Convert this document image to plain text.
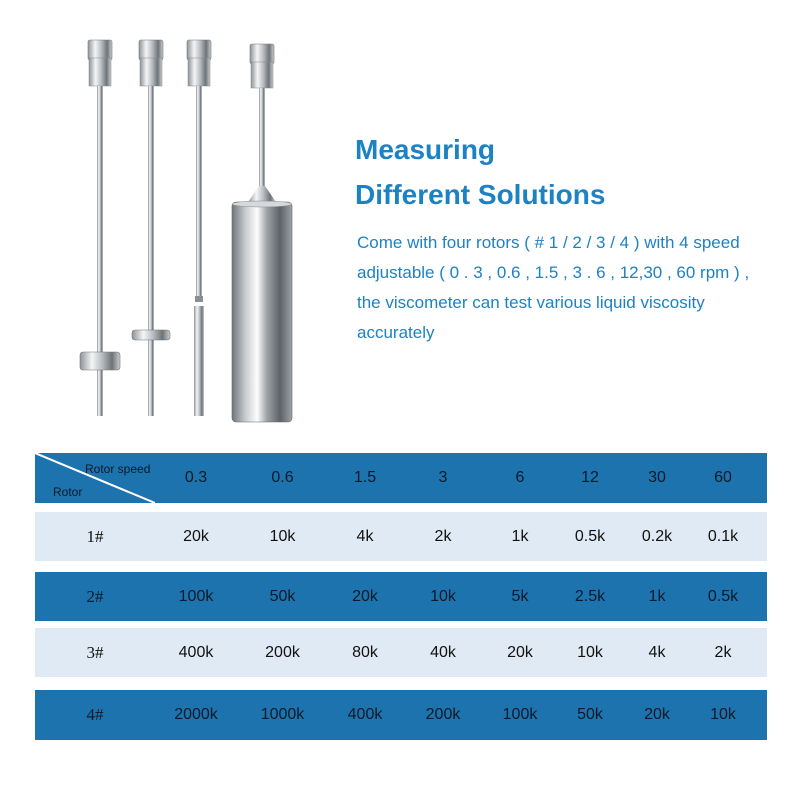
Measuring
Different Solutions

Come with four rotors ( # 1 / 2 / 3 / 4 ) with 4 speed adjustable ( 0 . 3 , 0.6 , 1.5 , 3 . 6 , 12,30 , 60 rpm ) , the viscometer can test various liquid viscosity accurately

Rotor speed
Rotor
0.3	0.6	1.5	3	6	12	30	60
1#	20k	10k	4k	2k	1k	0.5k	0.2k	0.1k
2#	100k	50k	20k	10k	5k	2.5k	1k	0.5k
3#	400k	200k	80k	40k	20k	10k	4k	2k
4#	2000k	1000k	400k	200k	100k	50k	20k	10k
